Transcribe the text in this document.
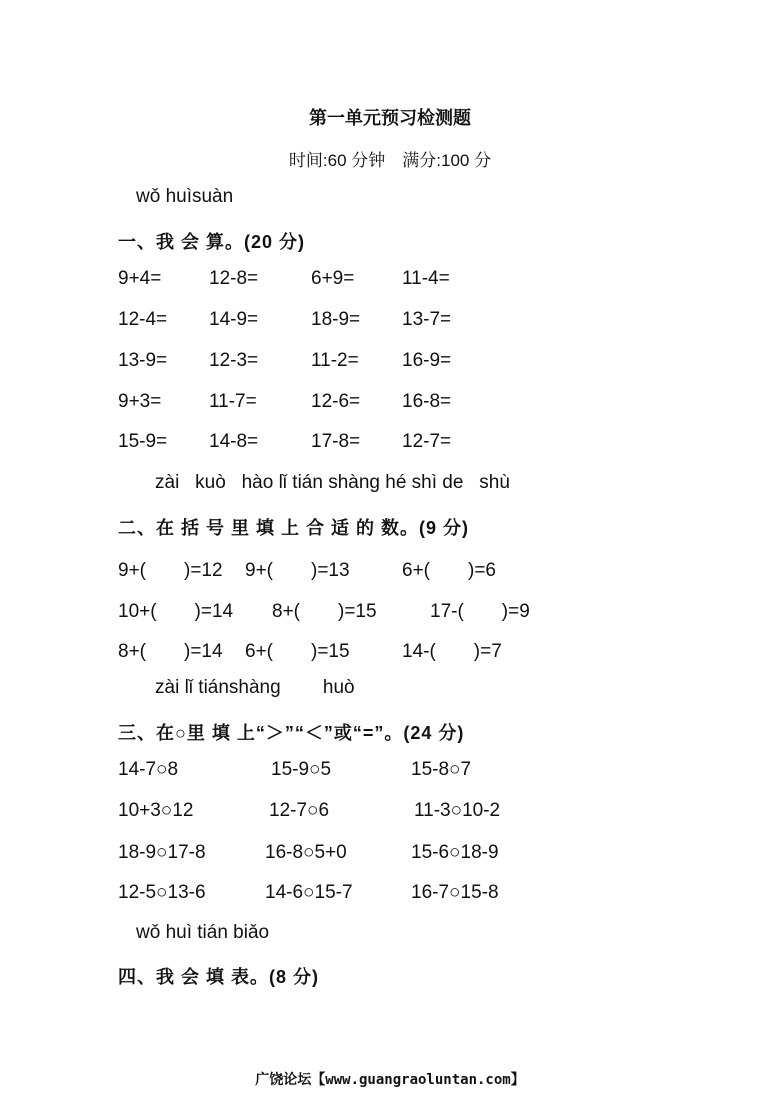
第一单元预习检测题
时间:60 分钟　满分:100 分
wǒ huìsuàn
一、我 会 算。(20 分)
9+4=	12-8=	6+9=	11-4=
12-4= 14-9=	18-9= 13-7=
13-9= 12-3=	11-2= 16-9=
9+3=	11-7=	12-6= 16-8=
15-9= 14-8=	17-8= 12-7=
zài   kuò   hào lǐ tián shàng hé shì de   shù
二、在 括 号 里 填 上 合 适 的 数。(9 分)
9+(　　)=12 9+(　　)=13	6+(　　)=6
10+(　　)=14 8+(　　)=15	17-(　　)=9
8+(　　)=14 6+(　　)=15	14-(　　)=7
zài lǐ tiánshàng        huò
三、在○里 填 上“＞”“＜”或“=”。(24 分)
14-7○8	15-9○5	15-8○7
10+3○12	12-7○6	11-3○10-2
18-9○17-8	16-8○5+0	15-6○18-9
12-5○13-6	14-6○15-7	16-7○15-8
wǒ huì tián biǎo
四、我 会 填 表。(8 分)
广饶论坛【www.guangraoluntan.com】
